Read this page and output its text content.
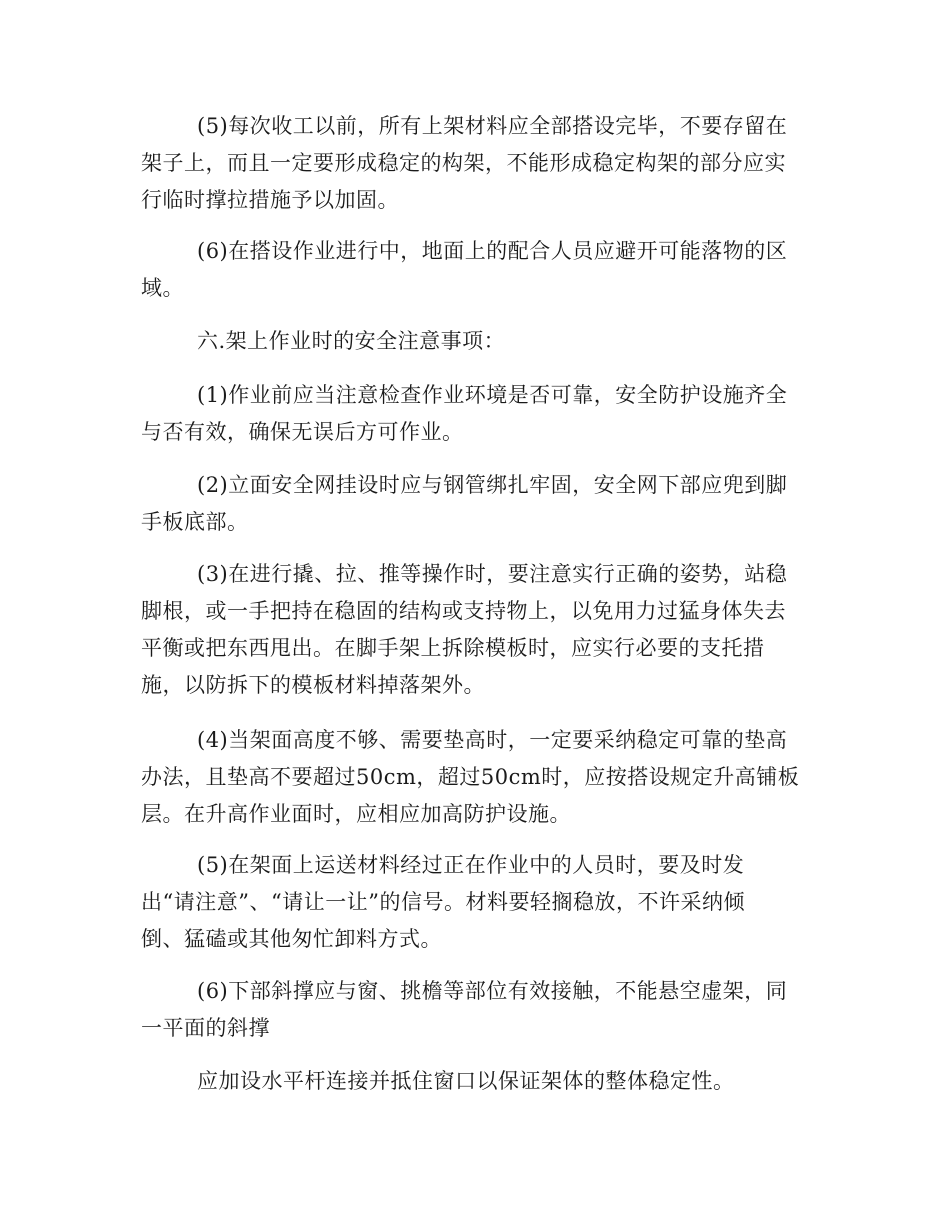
(5)每次收工以前，所有上架材料应全部搭设完毕，不要存留在
架子上，而且一定要形成稳定的构架，不能形成稳定构架的部分应实
行临时撑拉措施予以加固。

(6)在搭设作业进行中，地面上的配合人员应避开可能落物的区
域。

六.架上作业时的安全注意事项：

(1)作业前应当注意检查作业环境是否可靠，安全防护设施齐全
与否有效，确保无误后方可作业。

(2)立面安全网挂设时应与钢管绑扎牢固，安全网下部应兜到脚
手板底部。

(3)在进行撬、拉、推等操作时，要注意实行正确的姿势，站稳
脚根，或一手把持在稳固的结构或支持物上，以免用力过猛身体失去
平衡或把东西甩出。在脚手架上拆除模板时，应实行必要的支托措
施，以防拆下的模板材料掉落架外。

(4)当架面高度不够、需要垫高时，一定要采纳稳定可靠的垫高
办法，且垫高不要超过50cm，超过50cm时，应按搭设规定升高铺板
层。在升高作业面时，应相应加高防护设施。

(5)在架面上运送材料经过正在作业中的人员时，要及时发
出“请注意”、“请让一让”的信号。材料要轻搁稳放，不许采纳倾
倒、猛磕或其他匆忙卸料方式。

(6)下部斜撑应与窗、挑檐等部位有效接触，不能悬空虚架，同
一平面的斜撑

应加设水平杆连接并抵住窗口以保证架体的整体稳定性。
